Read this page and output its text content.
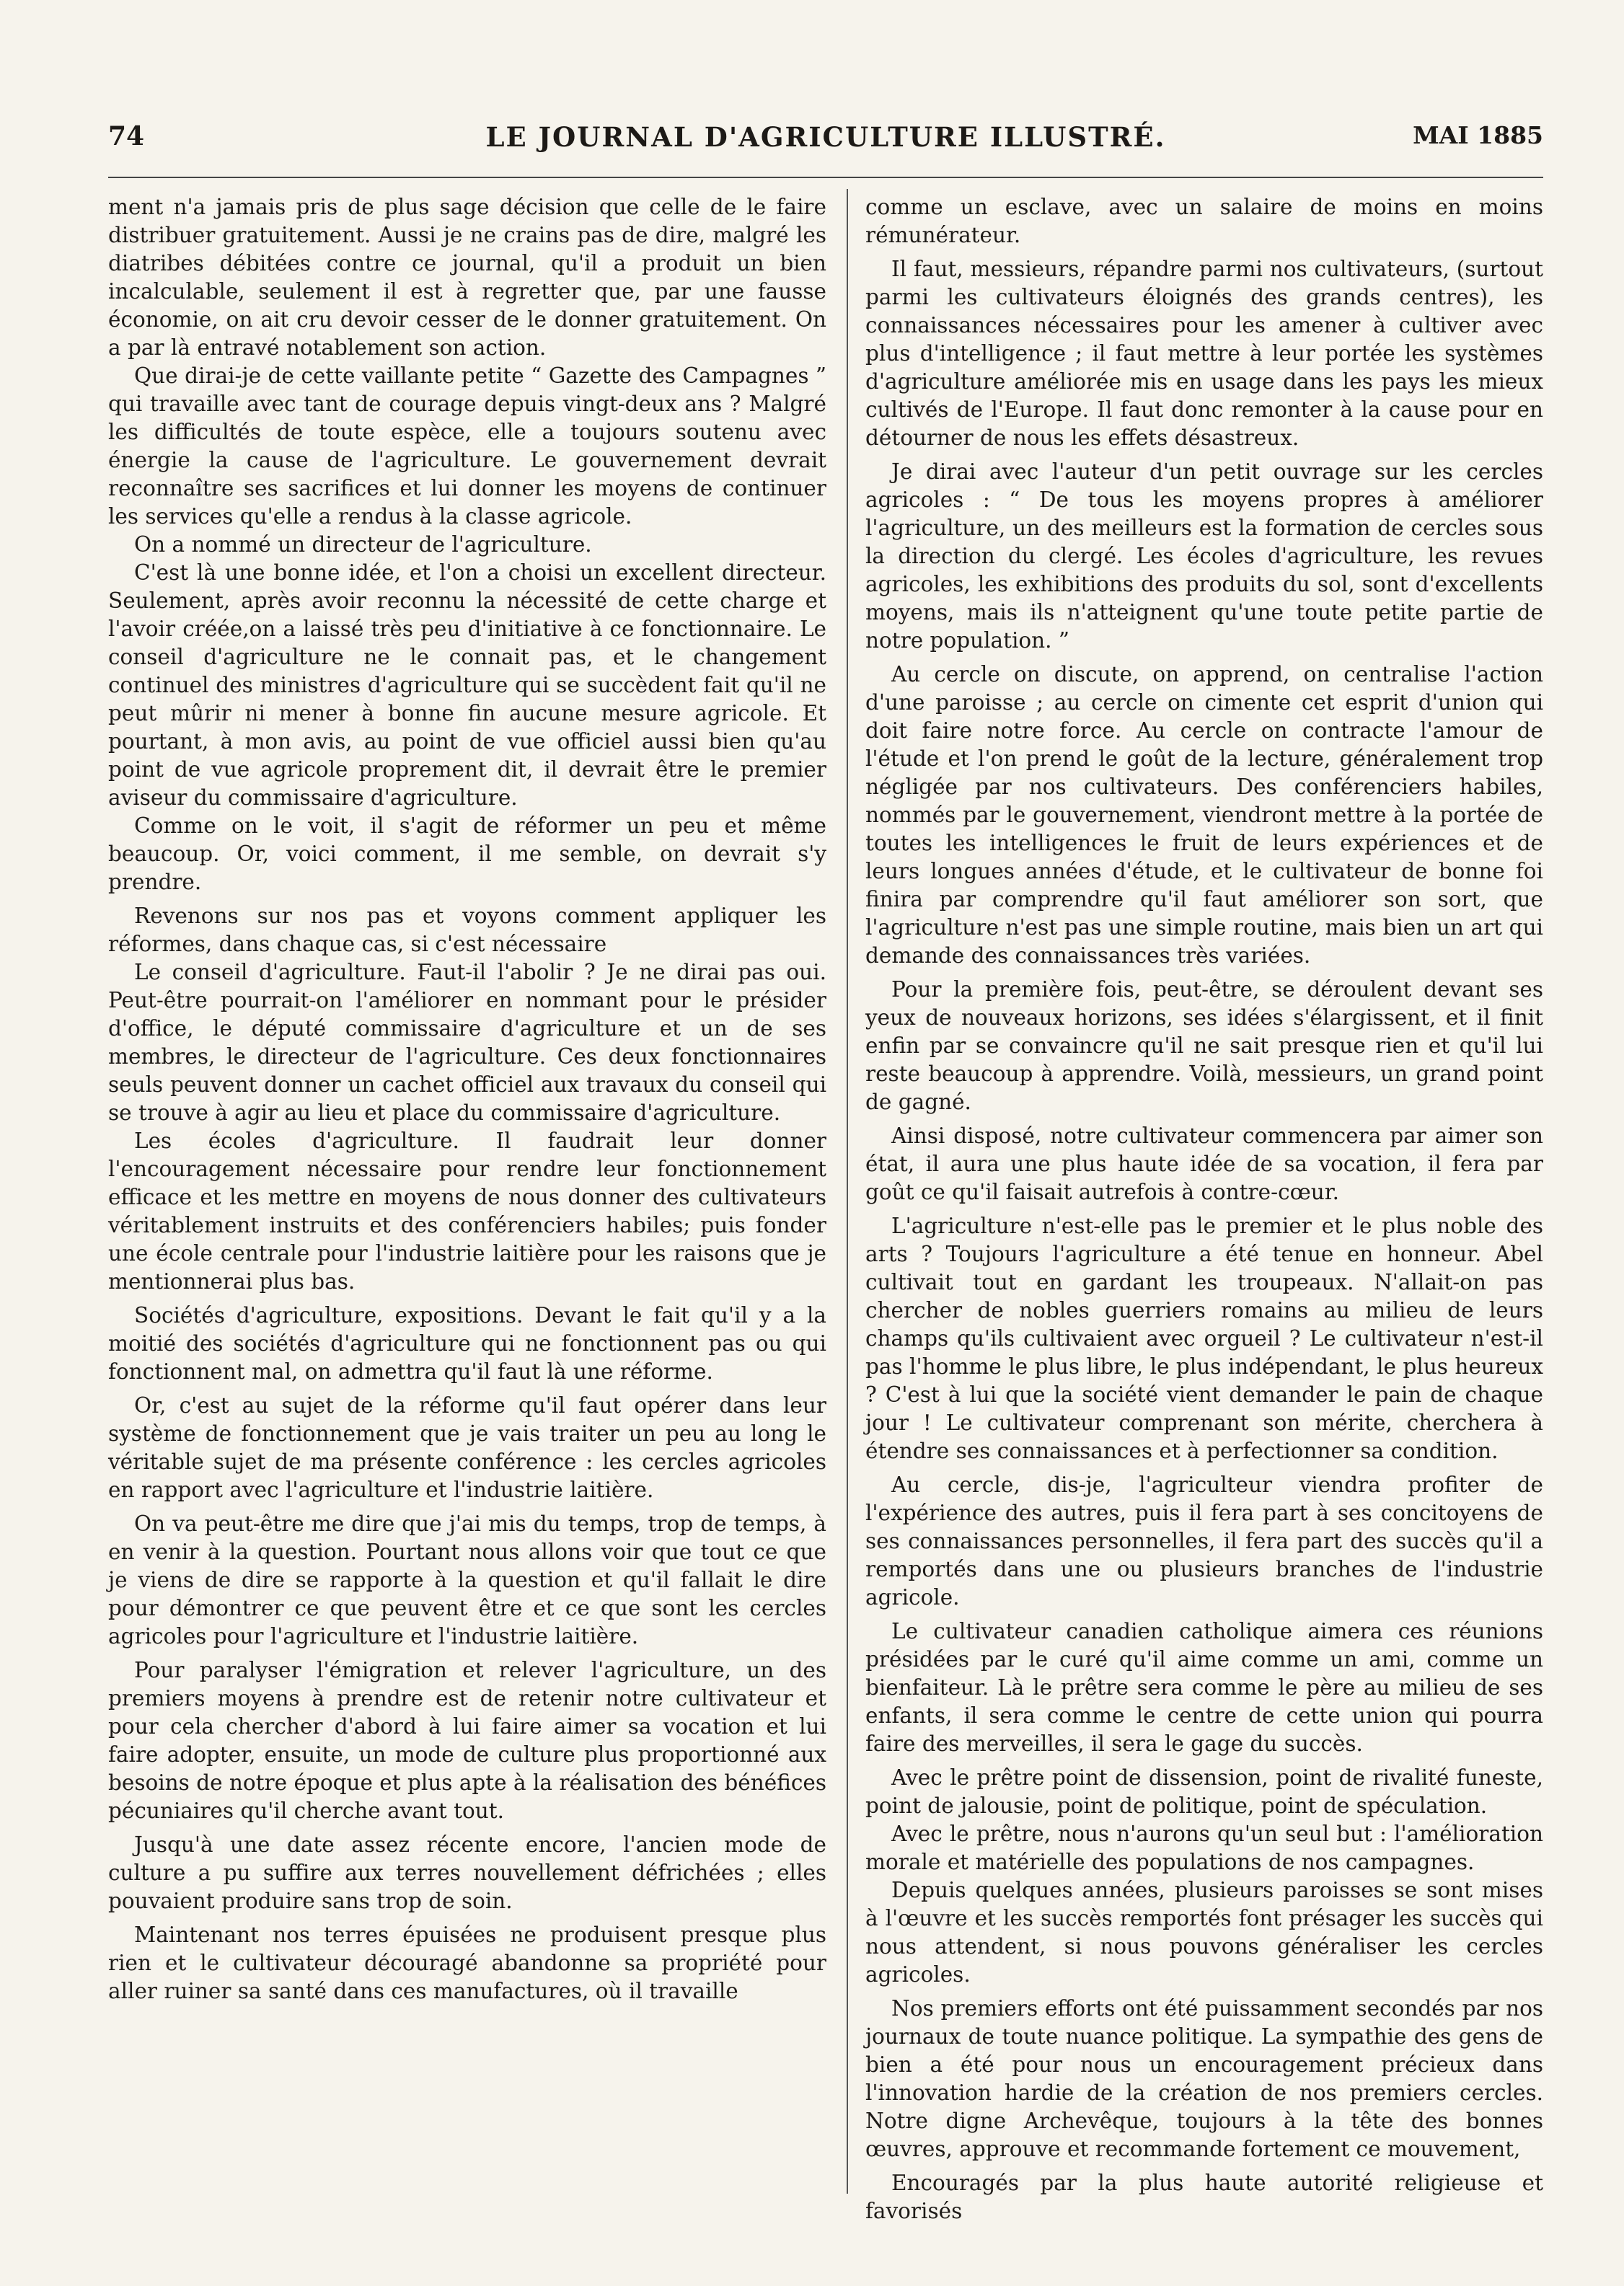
74	LE JOURNAL D'AGRICULTURE ILLUSTRÉ.	MAI 1885

ment n'a jamais pris de plus sage décision que celle de le faire distribuer gratuitement. Aussi je ne crains pas de dire, malgré les diatribes débitées contre ce journal, qu'il a produit un bien incalculable, seulement il est à regretter que, par une fausse économie, on ait cru devoir cesser de le donner gratuitement. On a par là entravé notablement son action.

Que dirai-je de cette vaillante petite “ Gazette des Campagnes ” qui travaille avec tant de courage depuis vingt-deux ans ? Malgré les difficultés de toute espèce, elle a toujours soutenu avec énergie la cause de l'agriculture. Le gouvernement devrait reconnaître ses sacrifices et lui donner les moyens de continuer les services qu'elle a rendus à la classe agricole.

On a nommé un directeur de l'agriculture.

C'est là une bonne idée, et l'on a choisi un excellent directeur. Seulement, après avoir reconnu la nécessité de cette charge et l'avoir créée,on a laissé très peu d'initiative à ce fonctionnaire. Le conseil d'agriculture ne le connait pas, et le changement continuel des ministres d'agriculture qui se succèdent fait qu'il ne peut mûrir ni mener à bonne fin aucune mesure agricole. Et pourtant, à mon avis, au point de vue officiel aussi bien qu'au point de vue agricole proprement dit, il devrait être le premier aviseur du commissaire d'agriculture.

Comme on le voit, il s'agit de réformer un peu et même beaucoup. Or, voici comment, il me semble, on devrait s'y prendre.

Revenons sur nos pas et voyons comment appliquer les réformes, dans chaque cas, si c'est nécessaire

Le conseil d'agriculture. Faut-il l'abolir ? Je ne dirai pas oui. Peut-être pourrait-on l'améliorer en nommant pour le présider d'office, le député commissaire d'agriculture et un de ses membres, le directeur de l'agriculture. Ces deux fonctionnaires seuls peuvent donner un cachet officiel aux travaux du conseil qui se trouve à agir au lieu et place du commissaire d'agriculture.

Les écoles d'agriculture. Il faudrait leur donner l'encouragement nécessaire pour rendre leur fonctionnement efficace et les mettre en moyens de nous donner des cultivateurs véritablement instruits et des conférenciers habiles; puis fonder une école centrale pour l'industrie laitière pour les raisons que je mentionnerai plus bas.

Sociétés d'agriculture, expositions. Devant le fait qu'il y a la moitié des sociétés d'agriculture qui ne fonctionnent pas ou qui fonctionnent mal, on admettra qu'il faut là une réforme.

Or, c'est au sujet de la réforme qu'il faut opérer dans leur système de fonctionnement que je vais traiter un peu au long le véritable sujet de ma présente conférence : les cercles agricoles en rapport avec l'agriculture et l'industrie laitière.

On va peut-être me dire que j'ai mis du temps, trop de temps, à en venir à la question. Pourtant nous allons voir que tout ce que je viens de dire se rapporte à la question et qu'il fallait le dire pour démontrer ce que peuvent être et ce que sont les cercles agricoles pour l'agriculture et l'industrie laitière.

Pour paralyser l'émigration et relever l'agriculture, un des premiers moyens à prendre est de retenir notre cultivateur et pour cela chercher d'abord à lui faire aimer sa vocation et lui faire adopter, ensuite, un mode de culture plus proportionné aux besoins de notre époque et plus apte à la réalisation des bénéfices pécuniaires qu'il cherche avant tout.

Jusqu'à une date assez récente encore, l'ancien mode de culture a pu suffire aux terres nouvellement défrichées ; elles pouvaient produire sans trop de soin.

Maintenant nos terres épuisées ne produisent presque plus rien et le cultivateur découragé abandonne sa propriété pour aller ruiner sa santé dans ces manufactures, où il travaille

comme un esclave, avec un salaire de moins en moins rémunérateur.

Il faut, messieurs, répandre parmi nos cultivateurs, (surtout parmi les cultivateurs éloignés des grands centres), les connaissances nécessaires pour les amener à cultiver avec plus d'intelligence ; il faut mettre à leur portée les systèmes d'agriculture améliorée mis en usage dans les pays les mieux cultivés de l'Europe. Il faut donc remonter à la cause pour en détourner de nous les effets désastreux.

Je dirai avec l'auteur d'un petit ouvrage sur les cercles agricoles : “ De tous les moyens propres à améliorer l'agriculture, un des meilleurs est la formation de cercles sous la direction du clergé. Les écoles d'agriculture, les revues agricoles, les exhibitions des produits du sol, sont d'excellents moyens, mais ils n'atteignent qu'une toute petite partie de notre population. ”

Au cercle on discute, on apprend, on centralise l'action d'une paroisse ; au cercle on cimente cet esprit d'union qui doit faire notre force. Au cercle on contracte l'amour de l'étude et l'on prend le goût de la lecture, généralement trop négligée par nos cultivateurs. Des conférenciers habiles, nommés par le gouvernement, viendront mettre à la portée de toutes les intelligences le fruit de leurs expériences et de leurs longues années d'étude, et le cultivateur de bonne foi finira par comprendre qu'il faut améliorer son sort, que l'agriculture n'est pas une simple routine, mais bien un art qui demande des connaissances très variées.

Pour la première fois, peut-être, se déroulent devant ses yeux de nouveaux horizons, ses idées s'élargissent, et il finit enfin par se convaincre qu'il ne sait presque rien et qu'il lui reste beaucoup à apprendre. Voilà, messieurs, un grand point de gagné.

Ainsi disposé, notre cultivateur commencera par aimer son état, il aura une plus haute idée de sa vocation, il fera par goût ce qu'il faisait autrefois à contre-cœur.

L'agriculture n'est-elle pas le premier et le plus noble des arts ? Toujours l'agriculture a été tenue en honneur. Abel cultivait tout en gardant les troupeaux. N'allait-on pas chercher de nobles guerriers romains au milieu de leurs champs qu'ils cultivaient avec orgueil ? Le cultivateur n'est-il pas l'homme le plus libre, le plus indépendant, le plus heureux ? C'est à lui que la société vient demander le pain de chaque jour ! Le cultivateur comprenant son mérite, cherchera à étendre ses connaissances et à perfectionner sa condition.

Au cercle, dis-je, l'agriculteur viendra profiter de l'expérience des autres, puis il fera part à ses concitoyens de ses connaissances personnelles, il fera part des succès qu'il a remportés dans une ou plusieurs branches de l'industrie agricole.

Le cultivateur canadien catholique aimera ces réunions présidées par le curé qu'il aime comme un ami, comme un bienfaiteur. Là le prêtre sera comme le père au milieu de ses enfants, il sera comme le centre de cette union qui pourra faire des merveilles, il sera le gage du succès.

Avec le prêtre point de dissension, point de rivalité funeste, point de jalousie, point de politique, point de spéculation.

Avec le prêtre, nous n'aurons qu'un seul but : l'amélioration morale et matérielle des populations de nos campagnes.

Depuis quelques années, plusieurs paroisses se sont mises à l'œuvre et les succès remportés font présager les succès qui nous attendent, si nous pouvons généraliser les cercles agricoles.

Nos premiers efforts ont été puissamment secondés par nos journaux de toute nuance politique. La sympathie des gens de bien a été pour nous un encouragement précieux dans l'innovation hardie de la création de nos premiers cercles. Notre digne Archevêque, toujours à la tête des bonnes œuvres, approuve et recommande fortement ce mouvement,

Encouragés par la plus haute autorité religieuse et favorisés
